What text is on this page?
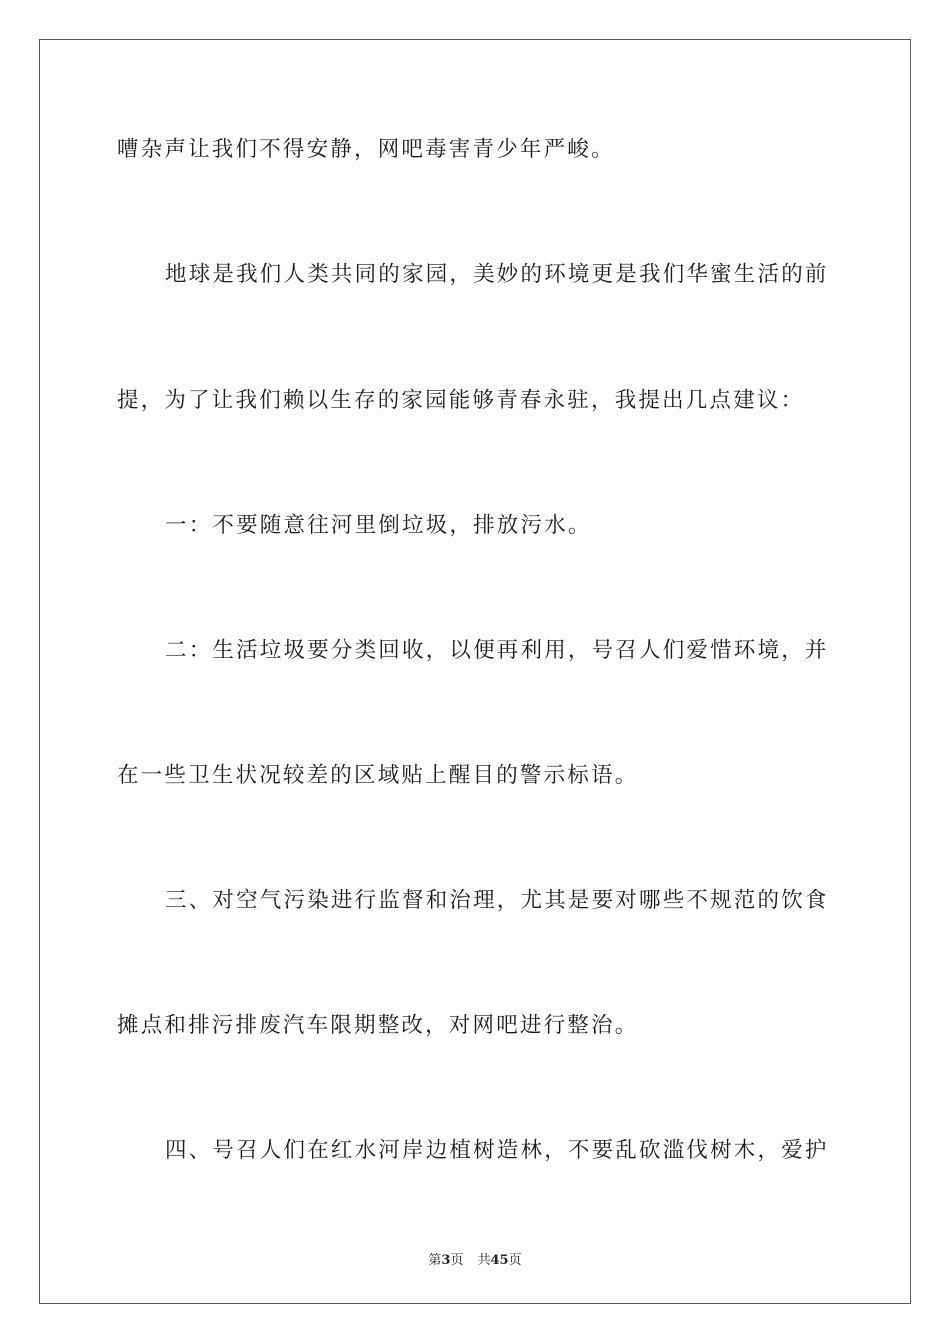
嘈杂声让我们不得安静，网吧毒害青少年严峻。
地球是我们人类共同的家园，美妙的环境更是我们华蜜生活的前
提，为了让我们赖以生存的家园能够青春永驻，我提出几点建议：
一：不要随意往河里倒垃圾，排放污水。
二：生活垃圾要分类回收，以便再利用，号召人们爱惜环境，并
在一些卫生状况较差的区域贴上醒目的警示标语。
三、对空气污染进行监督和治理，尤其是要对哪些不规范的饮食
摊点和排污排废汽车限期整改，对网吧进行整治。
四、号召人们在红水河岸边植树造林，不要乱砍滥伐树木，爱护
第3页 共45页
